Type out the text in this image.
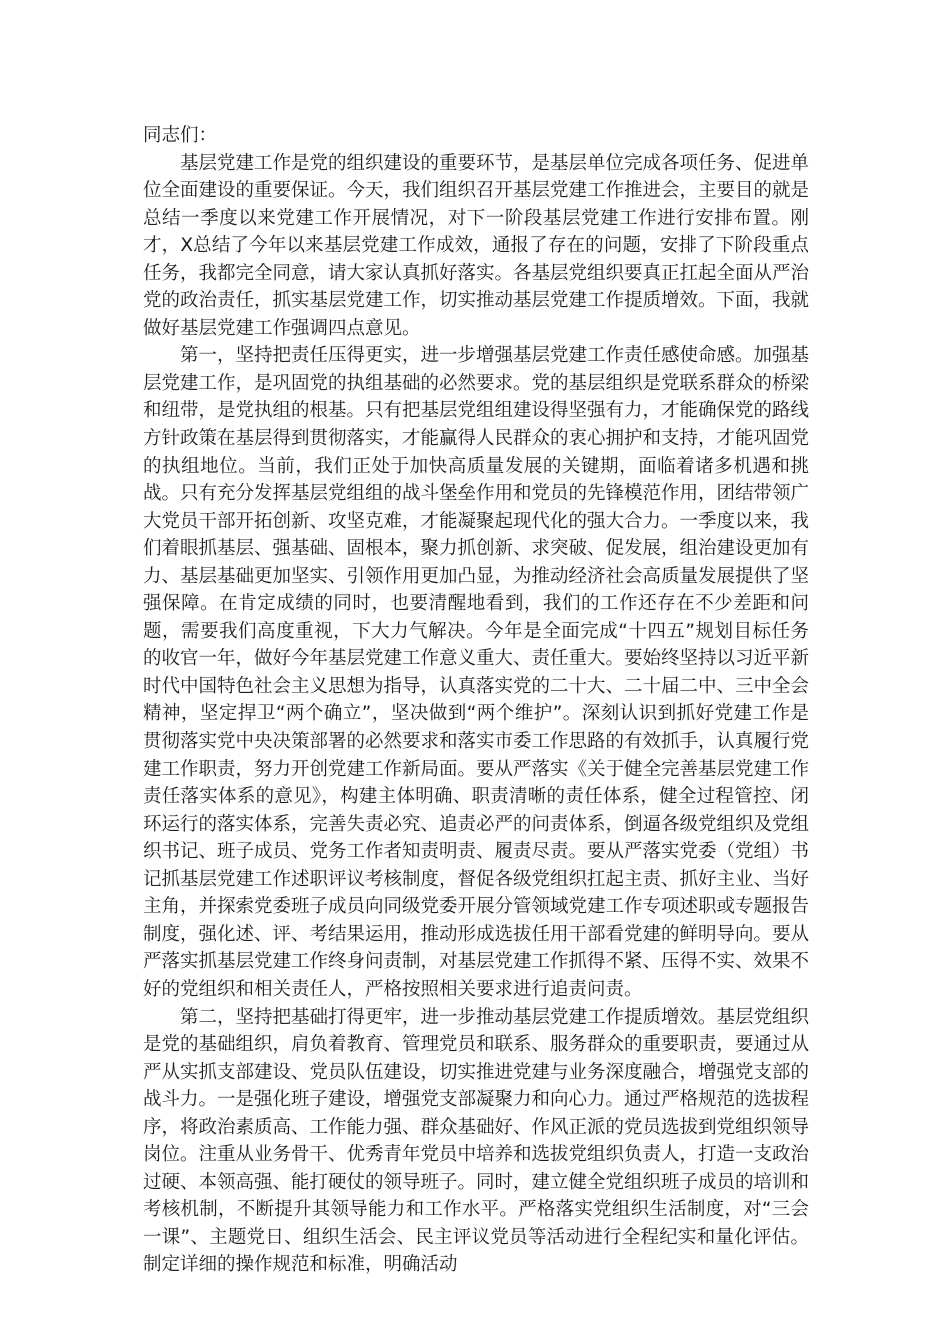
同志们：

基层党建工作是党的组织建设的重要环节，是基层单位完成各项任务、促进单位全面建设的重要保证。今天，我们组织召开基层党建工作推进会，主要目的就是总结一季度以来党建工作开展情况，对下一阶段基层党建工作进行安排布置。刚才，X总结了今年以来基层党建工作成效，通报了存在的问题，安排了下阶段重点任务，我都完全同意，请大家认真抓好落实。各基层党组织要真正扛起全面从严治党的政治责任，抓实基层党建工作，切实推动基层党建工作提质增效。下面，我就做好基层党建工作强调四点意见。

第一，坚持把责任压得更实，进一步增强基层党建工作责任感使命感。加强基层党建工作，是巩固党的执组基础的必然要求。党的基层组织是党联系群众的桥梁和纽带，是党执组的根基。只有把基层党组组建设得坚强有力，才能确保党的路线方针政策在基层得到贯彻落实，才能赢得人民群众的衷心拥护和支持，才能巩固党的执组地位。当前，我们正处于加快高质量发展的关键期，面临着诸多机遇和挑战。只有充分发挥基层党组组的战斗堡垒作用和党员的先锋模范作用，团结带领广大党员干部开拓创新、攻坚克难，才能凝聚起现代化的强大合力。一季度以来，我们着眼抓基层、强基础、固根本，聚力抓创新、求突破、促发展，组治建设更加有力、基层基础更加坚实、引领作用更加凸显，为推动经济社会高质量发展提供了坚强保障。在肯定成绩的同时，也要清醒地看到，我们的工作还存在不少差距和问题，需要我们高度重视，下大力气解决。今年是全面完成“十四五”规划目标任务的收官一年，做好今年基层党建工作意义重大、责任重大。要始终坚持以习近平新时代中国特色社会主义思想为指导，认真落实党的二十大、二十届二中、三中全会精神，坚定捍卫“两个确立”，坚决做到“两个维护”。深刻认识到抓好党建工作是贯彻落实党中央决策部署的必然要求和落实市委工作思路的有效抓手，认真履行党建工作职责，努力开创党建工作新局面。要从严落实《关于健全完善基层党建工作责任落实体系的意见》，构建主体明确、职责清晰的责任体系，健全过程管控、闭环运行的落实体系，完善失责必究、追责必严的问责体系，倒逼各级党组织及党组织书记、班子成员、党务工作者知责明责、履责尽责。要从严落实党委（党组）书记抓基层党建工作述职评议考核制度，督促各级党组织扛起主责、抓好主业、当好主角，并探索党委班子成员向同级党委开展分管领域党建工作专项述职或专题报告制度，强化述、评、考结果运用，推动形成选拔任用干部看党建的鲜明导向。要从严落实抓基层党建工作终身问责制，对基层党建工作抓得不紧、压得不实、效果不好的党组织和相关责任人，严格按照相关要求进行追责问责。

第二，坚持把基础打得更牢，进一步推动基层党建工作提质增效。基层党组织是党的基础组织，肩负着教育、管理党员和联系、服务群众的重要职责，要通过从严从实抓支部建设、党员队伍建设，切实推进党建与业务深度融合，增强党支部的战斗力。一是强化班子建设，增强党支部凝聚力和向心力。通过严格规范的选拔程序，将政治素质高、工作能力强、群众基础好、作风正派的党员选拔到党组织领导岗位。注重从业务骨干、优秀青年党员中培养和选拔党组织负责人，打造一支政治过硬、本领高强、能打硬仗的领导班子。同时，建立健全党组织班子成员的培训和考核机制，不断提升其领导能力和工作水平。严格落实党组织生活制度，对“三会一课”、主题党日、组织生活会、民主评议党员等活动进行全程纪实和量化评估。制定详细的操作规范和标准，明确活动
